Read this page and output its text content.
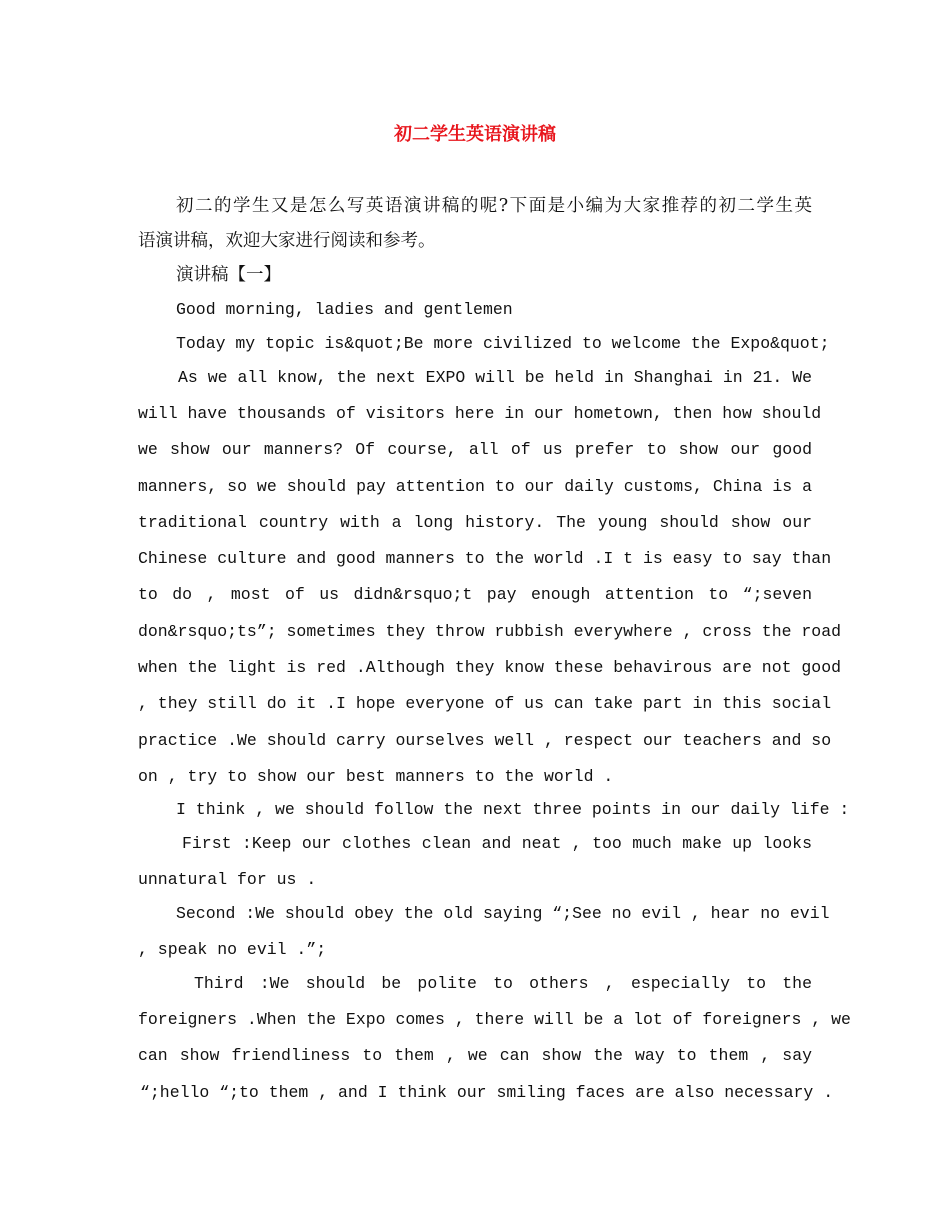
初二学生英语演讲稿
初二的学生又是怎么写英语演讲稿的呢?下面是小编为大家推荐的初二学生英
语演讲稿，欢迎大家进行阅读和参考。
演讲稿【一】
Good morning, ladies and gentlemen
Today my topic is&quot;Be more civilized to welcome the Expo&quot;
As we all know, the next EXPO will be held in Shanghai in 21. We
will have thousands of visitors here in our hometown, then how should
we show our manners? Of course, all of us prefer to show our good
manners, so we should pay attention to our daily customs, China is a
traditional country with a long history. The young should show our
Chinese culture and good manners to the world .I t is easy to say than
to do , most of us didn&rsquo;t pay enough attention to “;seven
don&rsquo;ts”; sometimes they throw rubbish everywhere , cross the road
when the light is red .Although they know these behavirous are not good
, they still do it .I hope everyone of us can take part in this social
practice .We should carry ourselves well , respect our teachers and so
on , try to show our best manners to the world .
I think , we should follow the next three points in our daily life :
First :Keep our clothes clean and neat , too much make up looks
unnatural for us .
Second :We should obey the old saying “;See no evil , hear no evil
, speak no evil .”;
Third :We should be polite to others , especially to the
foreigners .When the Expo comes , there will be a lot of foreigners , we
can show friendliness to them , we can show the way to them , say
“;hello “;to them , and I think our smiling faces are also necessary .
